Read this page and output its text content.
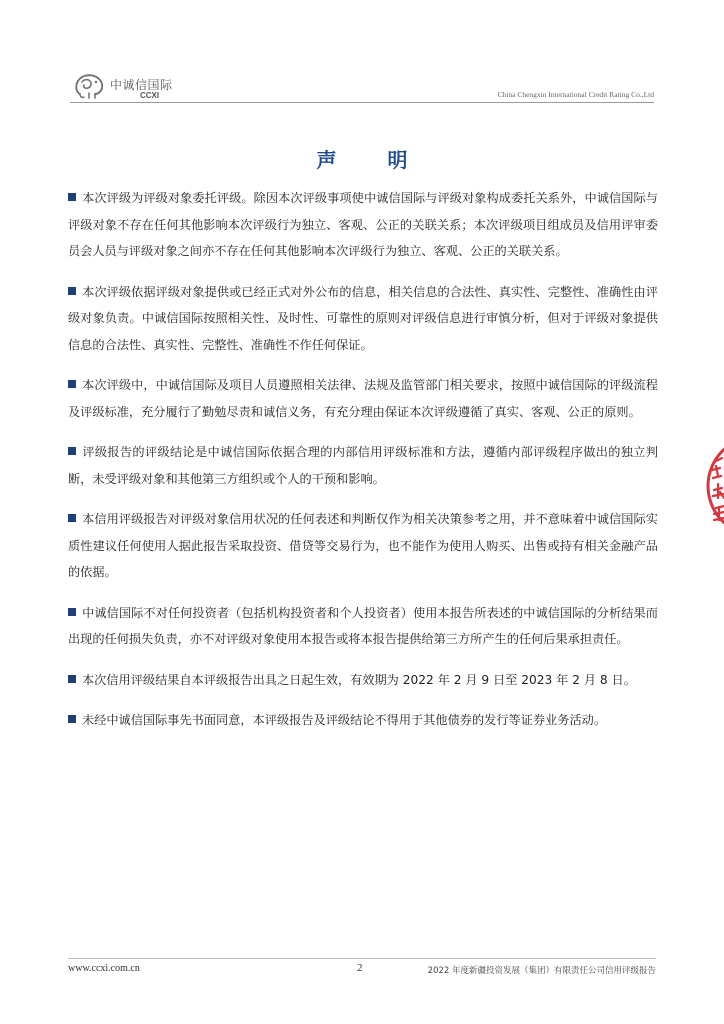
中诚信国际
CCXI	China Chengxin International Credit Rating Co.,Ltd
声 明

本次评级为评级对象委托评级。除因本次评级事项使中诚信国际与评级对象构成委托关系外，中诚信国际与评级对象不存在任何其他影响本次评级行为独立、客观、公正的关联关系；本次评级项目组成员及信用评审委员会人员与评级对象之间亦不存在任何其他影响本次评级行为独立、客观、公正的关联关系。

本次评级依据评级对象提供或已经正式对外公布的信息，相关信息的合法性、真实性、完整性、准确性由评级对象负责。中诚信国际按照相关性、及时性、可靠性的原则对评级信息进行审慎分析，但对于评级对象提供信息的合法性、真实性、完整性、准确性不作任何保证。

本次评级中，中诚信国际及项目人员遵照相关法律、法规及监管部门相关要求，按照中诚信国际的评级流程及评级标准，充分履行了勤勉尽责和诚信义务，有充分理由保证本次评级遵循了真实、客观、公正的原则。

评级报告的评级结论是中诚信国际依据合理的内部信用评级标准和方法，遵循内部评级程序做出的独立判断，未受评级对象和其他第三方组织或个人的干预和影响。

本信用评级报告对评级对象信用状况的任何表述和判断仅作为相关决策参考之用，并不意味着中诚信国际实质性建议任何使用人据此报告采取投资、借贷等交易行为，也不能作为使用人购买、出售或持有相关金融产品的依据。

中诚信国际不对任何投资者（包括机构投资者和个人投资者）使用本报告所表述的中诚信国际的分析结果而出现的任何损失负责，亦不对评级对象使用本报告或将本报告提供给第三方所产生的任何后果承担责任。

本次信用评级结果自本评级报告出具之日起生效，有效期为 2022 年 2 月 9 日至 2023 年 2 月 8 日。

未经中诚信国际事先书面同意，本评级报告及评级结论不得用于其他债券的发行等证券业务活动。

www.ccxi.com.cn	2	2022 年度新疆投资发展（集团）有限责任公司信用评级报告
